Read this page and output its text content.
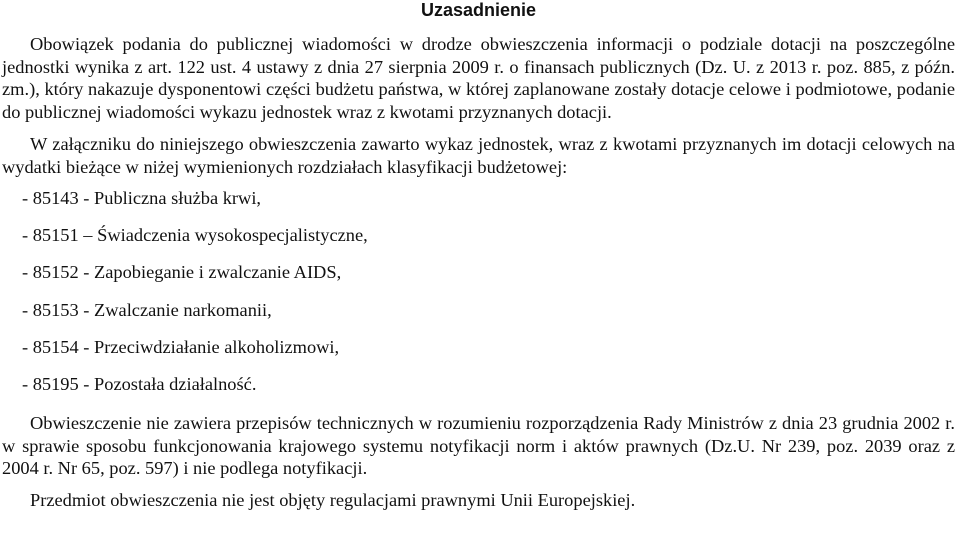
Uzasadnienie

Obowiązek podania do publicznej wiadomości w drodze obwieszczenia informacji o podziale dotacji na poszczególne jednostki wynika z art. 122 ust. 4 ustawy z dnia 27 sierpnia 2009 r. o finansach publicznych (Dz. U. z 2013 r. poz. 885, z późn. zm.), który nakazuje dysponentowi części budżetu państwa, w której zaplanowane zostały dotacje celowe i podmiotowe, podanie do publicznej wiadomości wykazu jednostek wraz z kwotami przyznanych dotacji.

W załączniku do niniejszego obwieszczenia zawarto wykaz jednostek, wraz z kwotami przyznanych im dotacji celowych na wydatki bieżące w niżej wymienionych rozdziałach klasyfikacji budżetowej:

- 85143 - Publiczna służba krwi,
- 85151 – Świadczenia wysokospecjalistyczne,
- 85152 - Zapobieganie i zwalczanie AIDS,
- 85153 - Zwalczanie narkomanii,
- 85154 - Przeciwdziałanie alkoholizmowi,
- 85195 - Pozostała działalność.

Obwieszczenie nie zawiera przepisów technicznych w rozumieniu rozporządzenia Rady Ministrów z dnia 23 grudnia 2002 r. w sprawie sposobu funkcjonowania krajowego systemu notyfikacji norm i aktów prawnych (Dz.U. Nr 239, poz. 2039 oraz z 2004 r. Nr 65, poz. 597) i nie podlega notyfikacji.

Przedmiot obwieszczenia nie jest objęty regulacjami prawnymi Unii Europejskiej.
